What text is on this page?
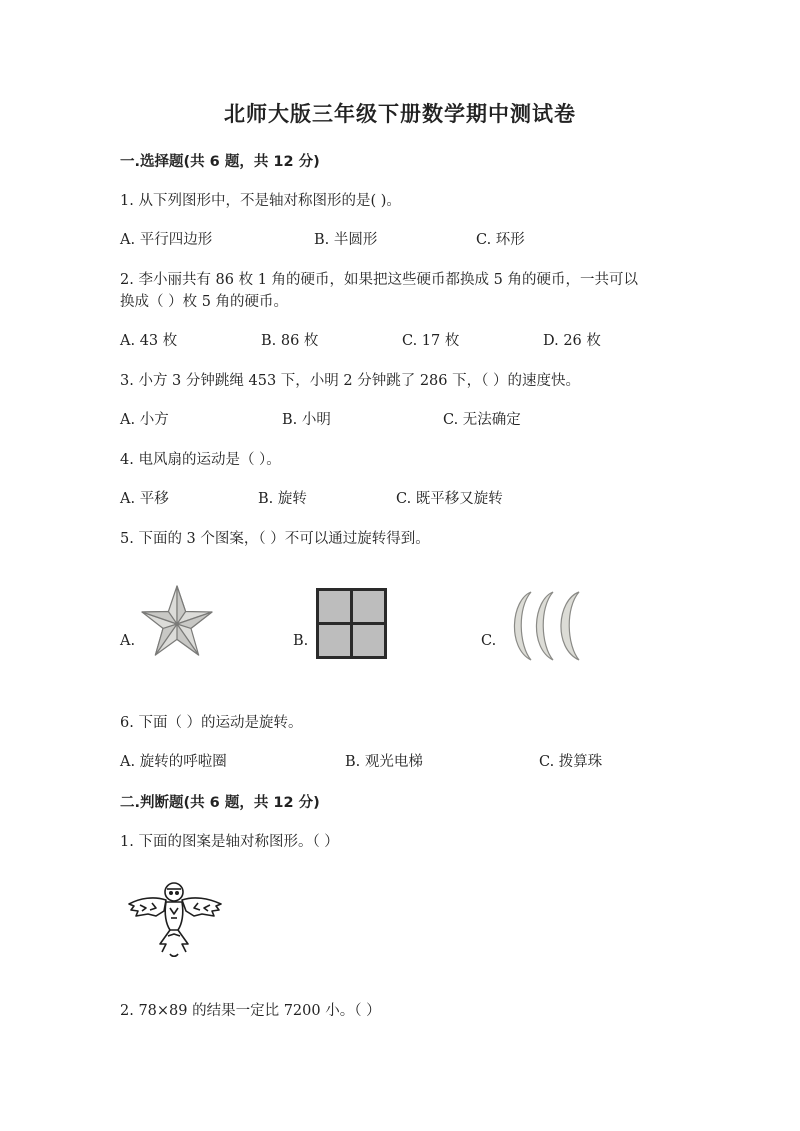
北师大版三年级下册数学期中测试卷
一.选择题(共 6 题，共 12 分)
1. 从下列图形中，不是轴对称图形的是( )。
A. 平行四边形	B. 半圆形	C. 环形
2. 李小丽共有 86 枚 1 角的硬币，如果把这些硬币都换成 5 角的硬币，一共可以
换成（ ）枚 5 角的硬币。
A. 43 枚	B. 86 枚	C. 17 枚	D. 26 枚
3. 小方 3 分钟跳绳 453 下，小明 2 分钟跳了 286 下，（ ）的速度快。
A. 小方	B. 小明	C. 无法确定
4. 电风扇的运动是（ ）。
A. 平移	B. 旋转	C. 既平移又旋转
5. 下面的 3 个图案，（ ）不可以通过旋转得到。
A.	B.	C.
6. 下面（ ）的运动是旋转。
A. 旋转的呼啦圈	B. 观光电梯	C. 拨算珠
二.判断题(共 6 题，共 12 分)
1. 下面的图案是轴对称图形。（ ）
2. 78×89 的结果一定比 7200 小。（ ）
